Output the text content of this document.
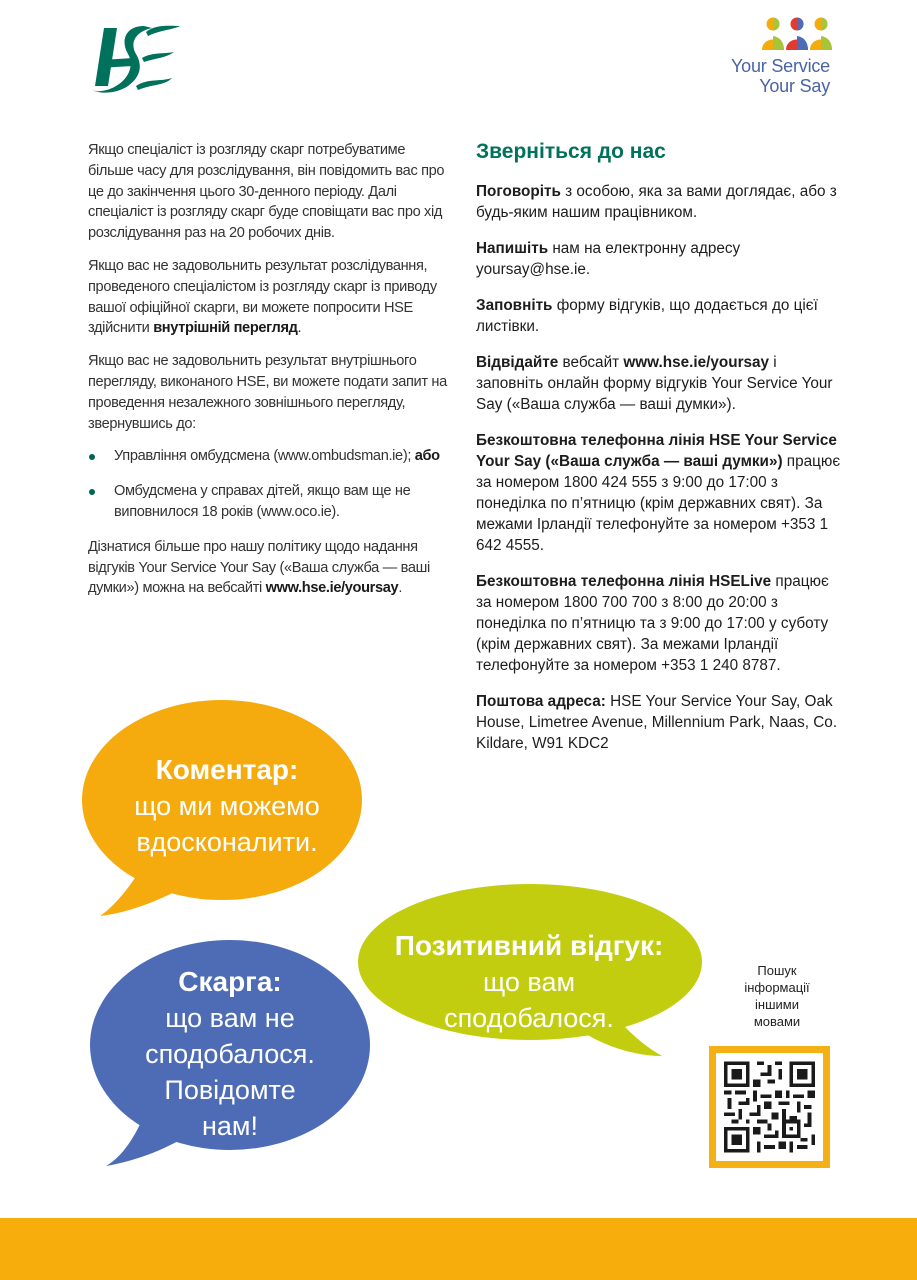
Your Service
Your Say

Якщо спеціаліст із розгляду скарг потребуватиме більше часу для розслідування, він повідомить вас про це до закінчення цього 30-денного періоду. Далі спеціаліст із розгляду скарг буде сповіщати вас про хід розслідування раз на 20 робочих днів.

Якщо вас не задовольнить результат розслідування, проведеного спеціалістом із розгляду скарг із приводу вашої офіційної скарги, ви можете попросити HSE здійснити внутрішній перегляд.

Якщо вас не задовольнить результат внутрішнього перегляду, виконаного HSE, ви можете подати запит на проведення незалежного зовнішнього перегляду, звернувшись до:

Управління омбудсмена (www.ombudsman.ie); або
Омбудсмена у справах дітей, якщо вам ще не виповнилося 18 років (www.oco.ie).

Дізнатися більше про нашу політику щодо надання відгуків Your Service Your Say («Ваша служба — ваші думки») можна на вебсайті www.hse.ie/yoursay.

Зверніться до нас

Поговоріть з особою, яка за вами доглядає, або з будь-яким нашим працівником.

Напишіть нам на електронну адресу yoursay@hse.ie.

Заповніть форму відгуків, що додається до цієї листівки.

Відвідайте вебсайт www.hse.ie/yoursay і заповніть онлайн форму відгуків Your Service Your Say («Ваша служба — ваші думки»).

Безкоштовна телефонна лінія HSE Your Service Your Say («Ваша служба — ваші думки») працює за номером 1800 424 555 з 9:00 до 17:00 з понеділка по п’ятницю (крім державних свят). За межами Ірландії телефонуйте за номером +353 1 642 4555.

Безкоштовна телефонна лінія HSELive працює за номером 1800 700 700 з 8:00 до 20:00 з понеділка по п’ятницю та з 9:00 до 17:00 у суботу (крім державних свят). За межами Ірландії телефонуйте за номером +353 1 240 8787.

Поштова адреса: HSE Your Service Your Say, Oak House, Limetree Avenue, Millennium Park, Naas, Co. Kildare, W91 KDC2

Коментар:
що ми можемо
вдосконалити.
Скарга:
що вам не
сподобалося.
Повідомте
нам!
Позитивний відгук:
що вам
сподобалося.
Пошук
інформації
іншими
мовами
